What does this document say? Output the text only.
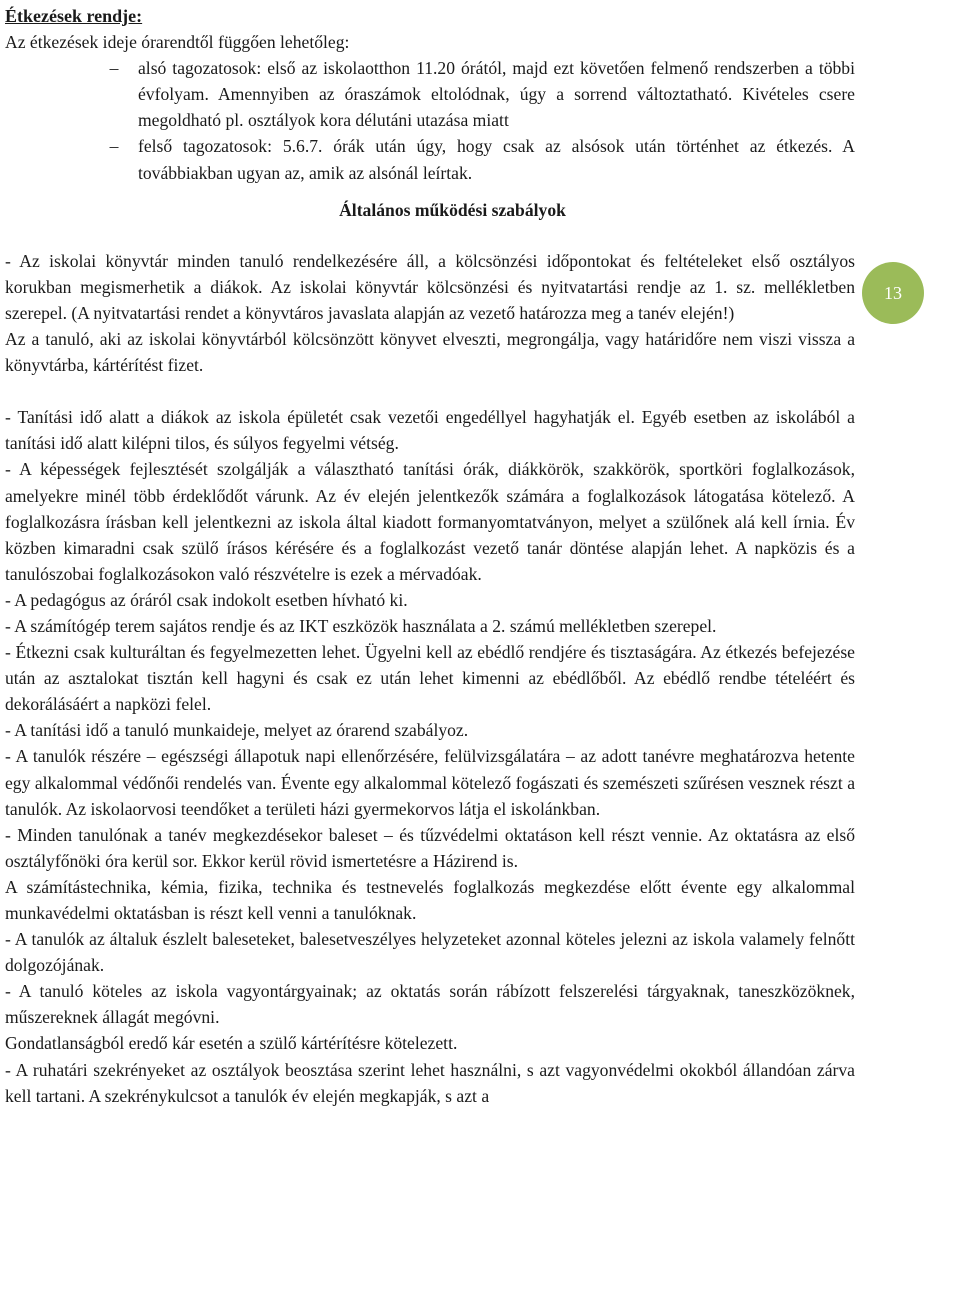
Étkezések rendje:

Az étkezések ideje órarendtől függően lehetőleg:

– alsó tagozatosok: első az iskolaotthon 11.20 órától, majd ezt követően felmenő rendszerben a többi évfolyam. Amennyiben az óraszámok eltolódnak, úgy a sorrend változtatható. Kivételes csere megoldható pl. osztályok kora délutáni utazása miatt
– felső tagozatosok: 5.6.7. órák után úgy, hogy csak az alsósok után történhet az étkezés. A továbbiakban ugyan az, amik az alsónál leírtak.
Általános működési szabályok

- Az iskolai könyvtár minden tanuló rendelkezésére áll, a kölcsönzési időpontokat és feltételeket első osztályos korukban megismerhetik a diákok. Az iskolai könyvtár kölcsönzési és nyitvatartási rendje az 1. sz. mellékletben szerepel. (A nyitvatartási rendet a könyvtáros javaslata alapján az vezető határozza meg a tanév elején!)

Az a tanuló, aki az iskolai könyvtárból kölcsönzött könyvet elveszti, megrongálja, vagy határidőre nem viszi vissza a könyvtárba, kártérítést fizet.

- Tanítási idő alatt a diákok az iskola épületét csak vezetői engedéllyel hagyhatják el. Egyéb esetben az iskolából a tanítási idő alatt kilépni tilos, és súlyos fegyelmi vétség.

- A képességek fejlesztését szolgálják a választható tanítási órák, diákkörök, szakkörök, sportköri foglalkozások, amelyekre minél több érdeklődőt várunk. Az év elején jelentkezők számára a foglalkozások látogatása kötelező. A foglalkozásra írásban kell jelentkezni az iskola által kiadott formanyomtatványon, melyet a szülőnek alá kell írnia. Év közben kimaradni csak szülő írásos kérésére és a foglalkozást vezető tanár döntése alapján lehet. A napközis és a tanulószobai foglalkozásokon való részvételre is ezek a mérvadóak.

- A pedagógus az óráról csak indokolt esetben hívható ki.

- A számítógép terem sajátos rendje és az IKT eszközök használata a 2. számú mellékletben szerepel.

- Étkezni csak kulturáltan és fegyelmezetten lehet. Ügyelni kell az ebédlő rendjére és tisztaságára. Az étkezés befejezése után az asztalokat tisztán kell hagyni és csak ez után lehet kimenni az ebédlőből. Az ebédlő rendbe tételéért és dekorálásáért a napközi felel.

- A tanítási idő a tanuló munkaideje, melyet az órarend szabályoz.

- A tanulók részére – egészségi állapotuk napi ellenőrzésére, felülvizsgálatára – az adott tanévre meghatározva hetente egy alkalommal védőnői rendelés van. Évente egy alkalommal kötelező fogászati és szemészeti szűrésen vesznek részt a tanulók. Az iskolaorvosi teendőket a területi házi gyermekorvos látja el iskolánkban.

- Minden tanulónak a tanév megkezdésekor baleset – és tűzvédelmi oktatáson kell részt vennie. Az oktatásra az első osztályfőnöki óra kerül sor. Ekkor kerül rövid ismertetésre a Házirend is.

A számítástechnika, kémia, fizika, technika és testnevelés foglalkozás megkezdése előtt évente egy alkalommal munkavédelmi oktatásban is részt kell venni a tanulóknak.

- A tanulók az általuk észlelt baleseteket, balesetveszélyes helyzeteket azonnal köteles jelezni az iskola valamely felnőtt dolgozójának.

- A tanuló köteles az iskola vagyontárgyainak; az oktatás során rábízott felszerelési tárgyaknak, taneszközöknek, műszereknek állagát megóvni.

Gondatlanságból eredő kár esetén a szülő kártérítésre kötelezett.

- A ruhatári szekrényeket az osztályok beosztása szerint lehet használni, s azt vagyonvédelmi okokból állandóan zárva kell tartani. A szekrénykulcsot a tanulók év elején megkapják, s azt a

13
